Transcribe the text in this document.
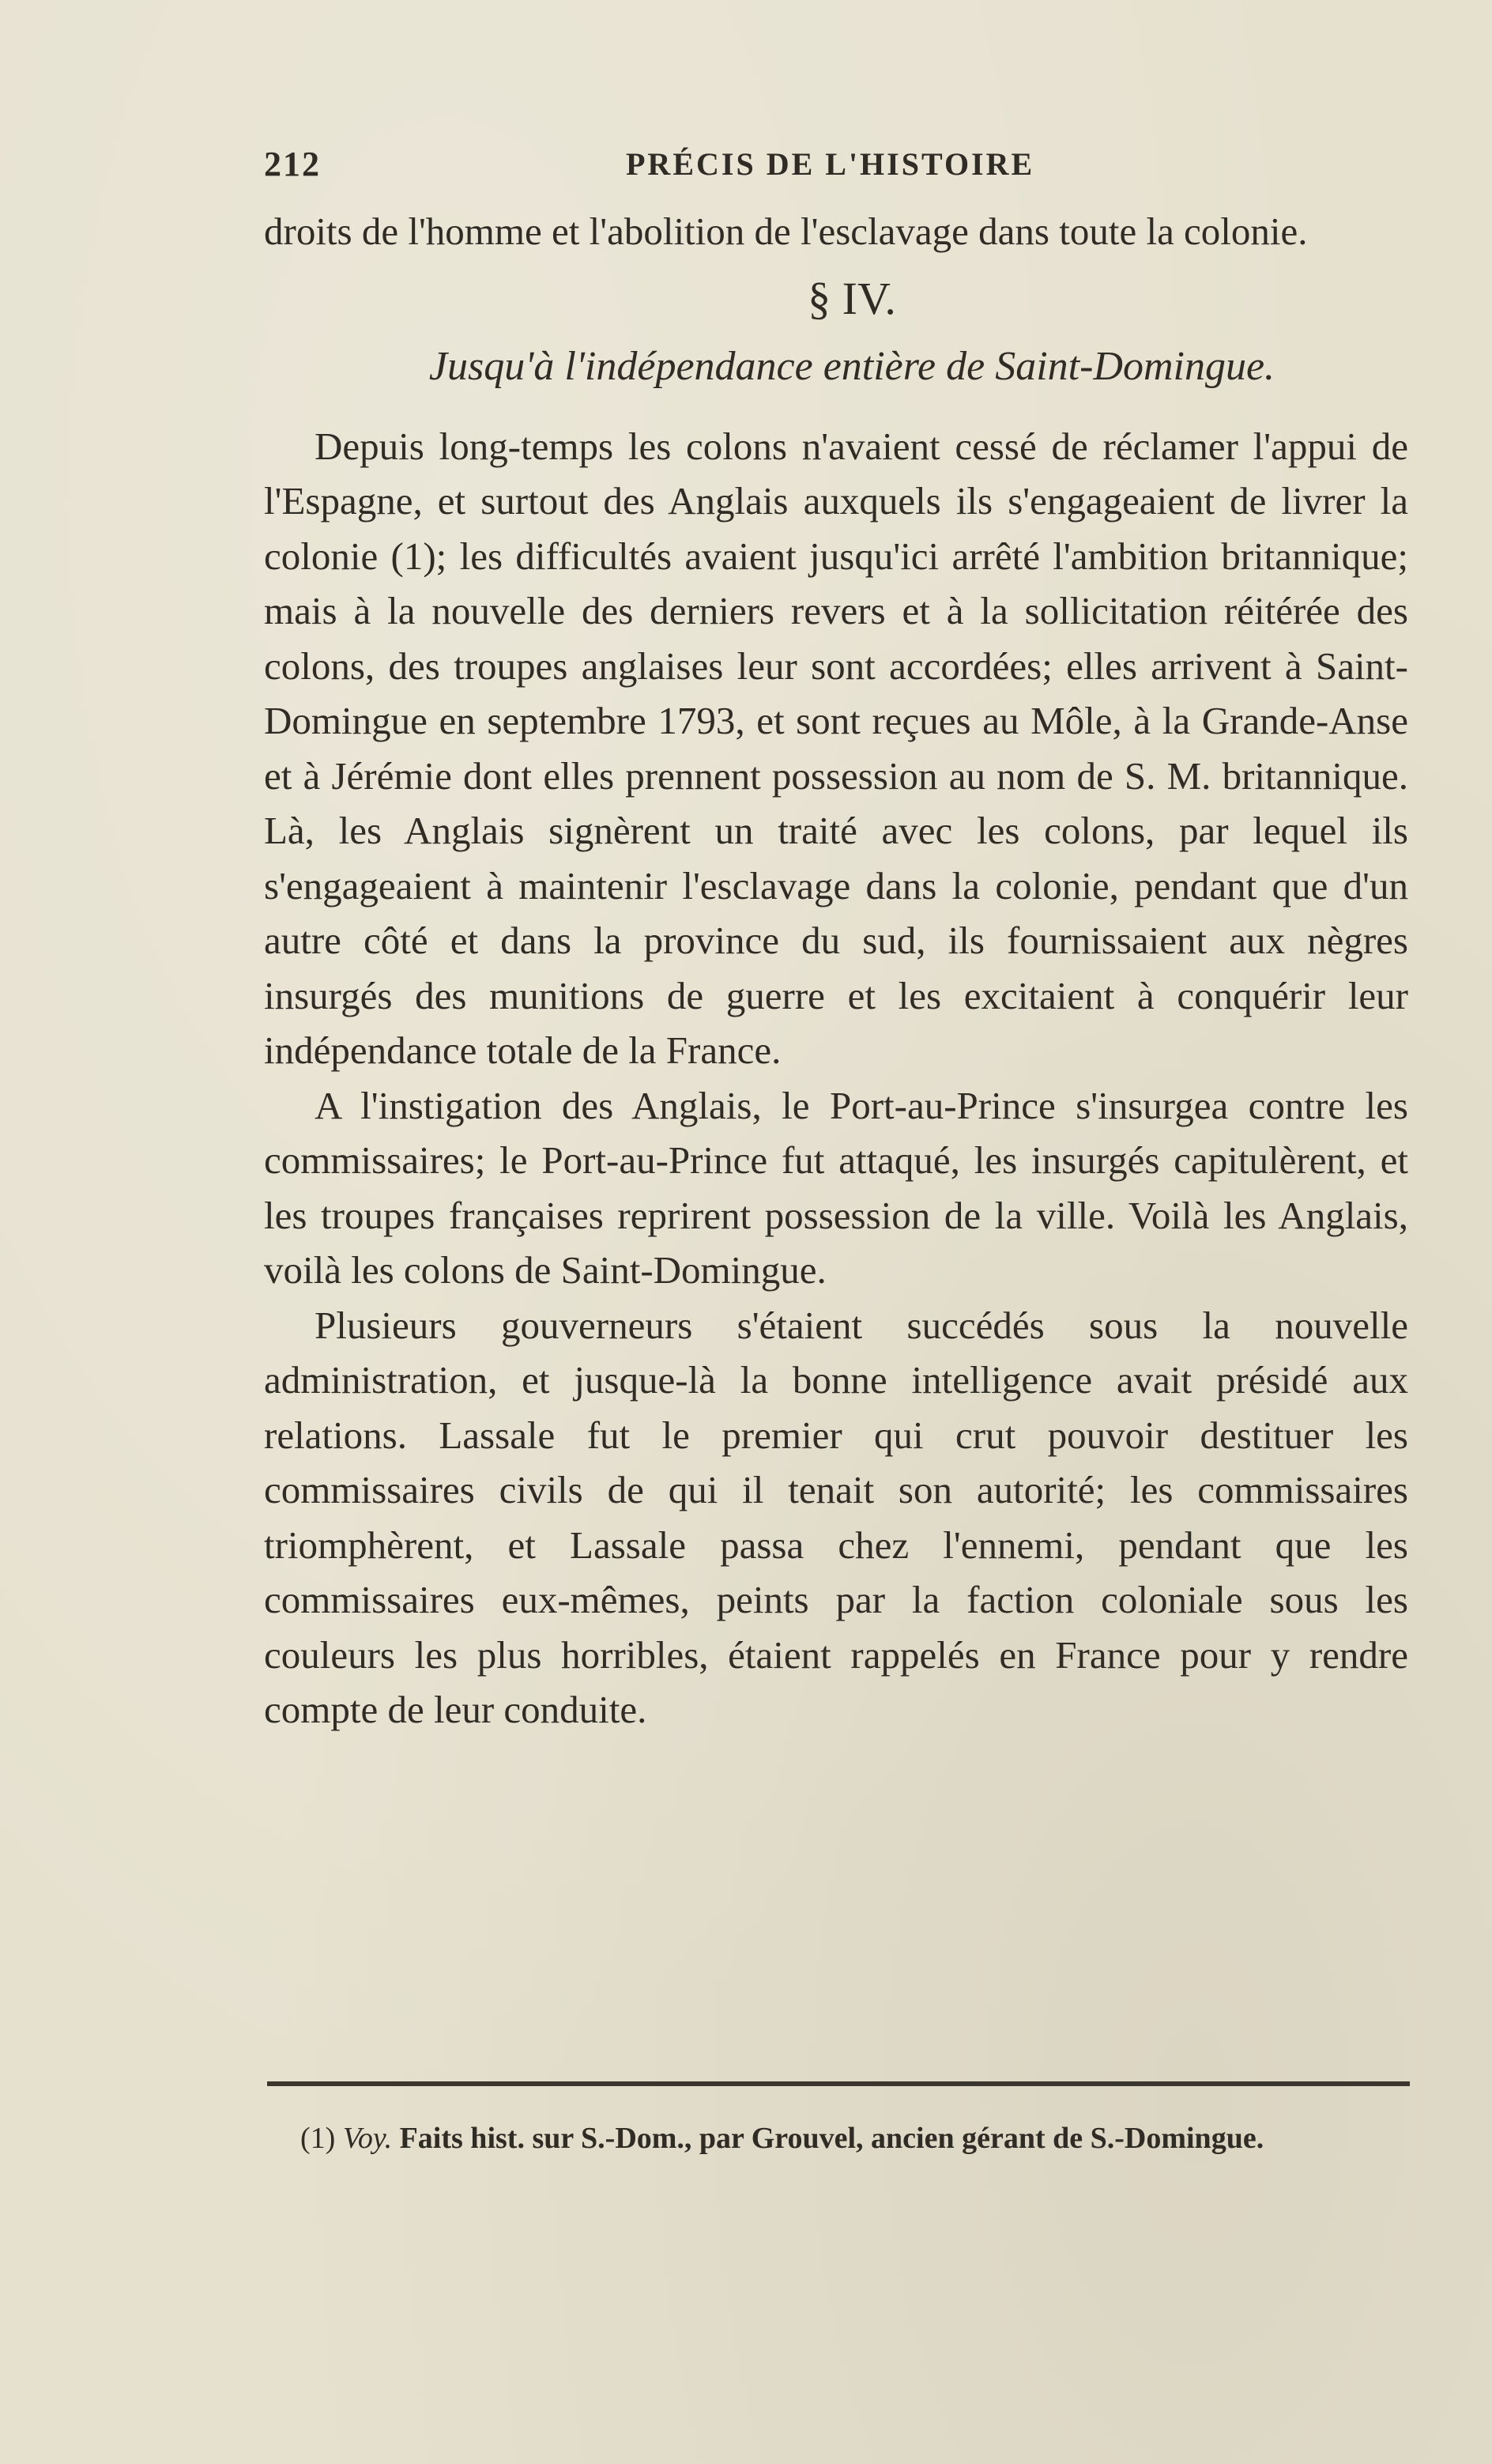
212	PRÉCIS DE L'HISTOIRE

droits de l'homme et l'abolition de l'esclavage dans toute la colonie.

§ IV.
Jusqu'à l'indépendance entière de Saint-Domingue.

Depuis long-temps les colons n'avaient cessé de réclamer l'appui de l'Espagne, et surtout des Anglais auxquels ils s'engageaient de livrer la colonie (1); les difficultés avaient jusqu'ici arrêté l'ambition britannique; mais à la nouvelle des derniers revers et à la sollicitation réitérée des colons, des troupes anglaises leur sont accordées; elles arrivent à Saint-Domingue en septembre 1793, et sont reçues au Môle, à la Grande-Anse et à Jérémie dont elles prennent possession au nom de S. M. britannique. Là, les Anglais signèrent un traité avec les colons, par lequel ils s'engageaient à maintenir l'esclavage dans la colonie, pendant que d'un autre côté et dans la province du sud, ils fournissaient aux nègres insurgés des munitions de guerre et les excitaient à conquérir leur indépendance totale de la France.

A l'instigation des Anglais, le Port-au-Prince s'insurgea contre les commissaires; le Port-au-Prince fut attaqué, les insurgés capitulèrent, et les troupes françaises reprirent possession de la ville. Voilà les Anglais, voilà les colons de Saint-Domingue.

Plusieurs gouverneurs s'étaient succédés sous la nouvelle administration, et jusque-là la bonne intelligence avait présidé aux relations. Lassale fut le premier qui crut pouvoir destituer les commissaires civils de qui il tenait son autorité; les commissaires triomphèrent, et Lassale passa chez l'ennemi, pendant que les commissaires eux-mêmes, peints par la faction coloniale sous les couleurs les plus horribles, étaient rappelés en France pour y rendre compte de leur conduite.

(1) Voy. Faits hist. sur S.-Dom., par Grouvel, ancien gérant de S.-Domingue.
